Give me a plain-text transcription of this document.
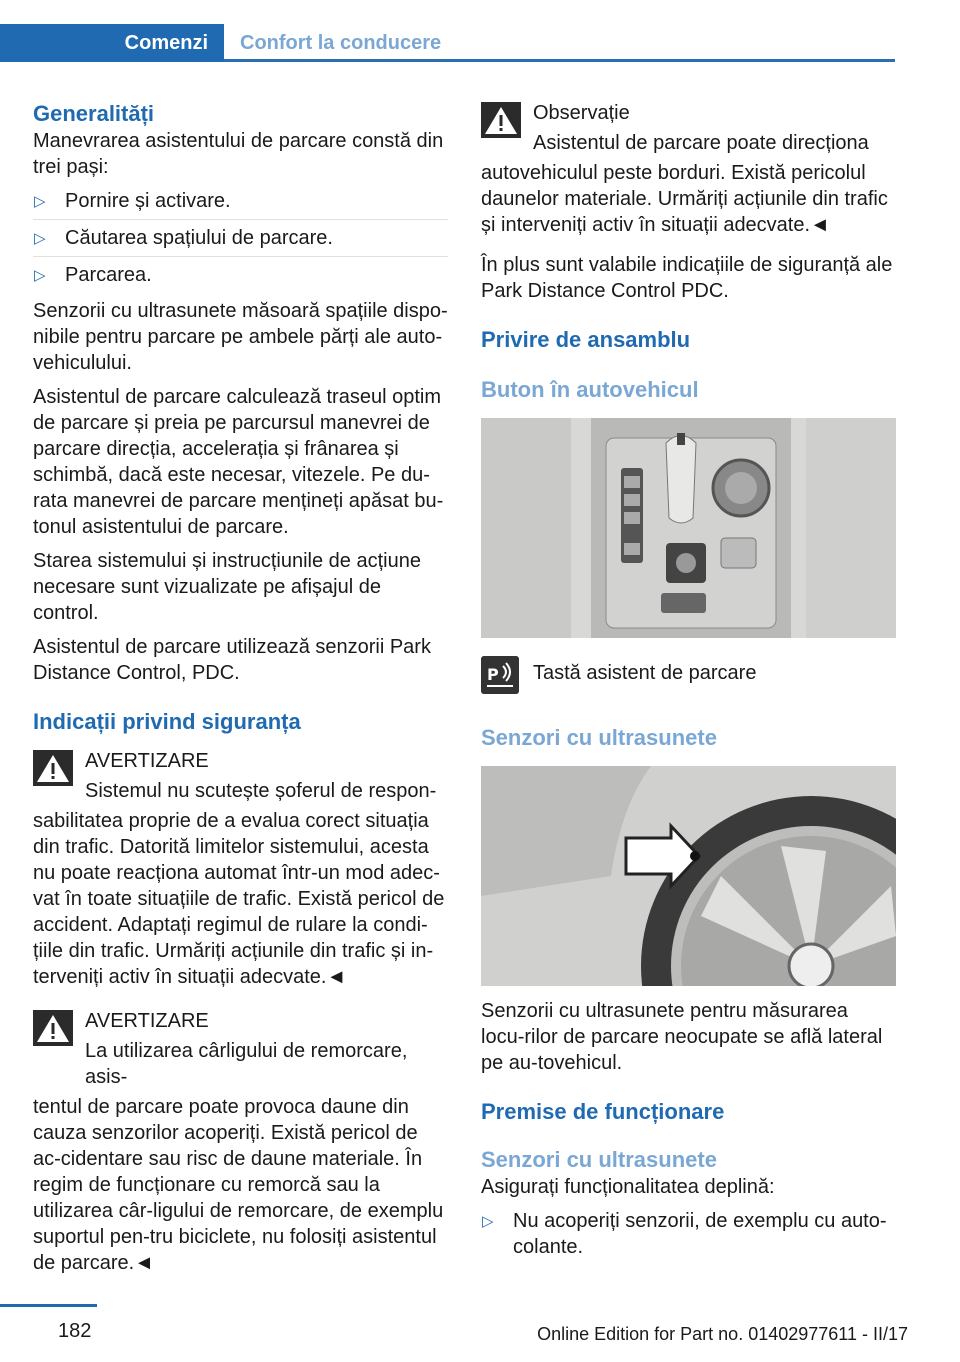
Comenzi	Confort la conducere
Generalități

Manevrarea asistentului de parcare constă din trei pași:

▷ Pornire și activare.
▷ Căutarea spațiului de parcare.
▷ Parcarea.

Senzorii cu ultrasunete măsoară spațiile dispo-nibile pentru parcare pe ambele părți ale auto-vehiculului.

Asistentul de parcare calculează traseul optim de parcare și preia pe parcursul manevrei de parcare direcția, accelerația și frânarea și schimbă, dacă este necesar, vitezele. Pe du-rata manevrei de parcare mențineți apăsat bu-tonul asistentului de parcare.

Starea sistemului și instrucțiunile de acțiune necesare sunt vizualizate pe afișajul de control.

Asistentul de parcare utilizează senzorii Park Distance Control, PDC.

Indicații privind siguranța

AVERTIZARE

Sistemul nu scutește șoferul de respon-

sabilitatea proprie de a evalua corect situația din trafic. Datorită limitelor sistemului, acesta nu poate reacționa automat într-un mod adec-vat în toate situațiile de trafic. Există pericol de accident. Adaptați regimul de rulare la condi-țiile din trafic. Urmăriți acțiunile din trafic și in-terveniți activ în situații adecvate.◄

AVERTIZARE

La utilizarea cârligului de remorcare, asis-

tentul de parcare poate provoca daune din cauza senzorilor acoperiți. Există pericol de ac-cidentare sau risc de daune materiale. În regim de funcționare cu remorcă sau la utilizarea câr-ligului de remorcare, de exemplu suportul pen-tru biciclete, nu folosiți asistentul de parcare.◄

Observație

Asistentul de parcare poate direcționa

autovehiculul peste borduri. Există pericolul daunelor materiale. Urmăriți acțiunile din trafic și interveniți activ în situații adecvate.◄

În plus sunt valabile indicațiile de siguranță ale Park Distance Control PDC.

Privire de ansamblu
Buton în autovehicul
P Tastă asistent de parcare

Senzori cu ultrasunete

Senzorii cu ultrasunete pentru măsurarea locu-rilor de parcare neocupate se află lateral pe au-tovehicul.

Premise de funcționare
Senzori cu ultrasunete

Asigurați funcționalitatea deplină:

▷ Nu acoperiți senzorii, de exemplu cu auto-colante.
182	Online Edition for Part no. 01402977611 - II/17
